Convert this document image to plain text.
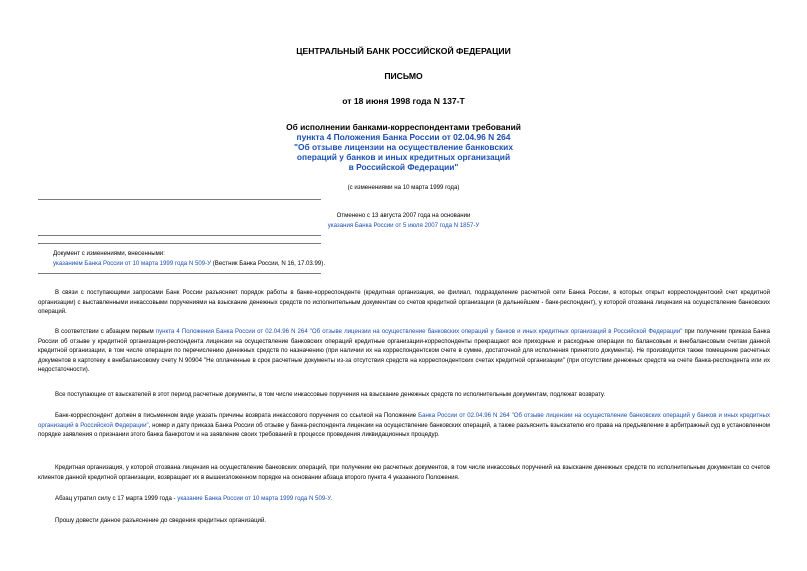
ЦЕНТРАЛЬНЫЙ БАНК РОССИЙСКОЙ ФЕДЕРАЦИИ
ПИСЬМО
от 18 июня 1998 года N 137-Т
Об исполнении банками-корреспондентами требований
пункта 4 Положения Банка России от 02.04.96 N 264
"Об отзыве лицензии на осуществление банковских
операций у банков и иных кредитных организаций
в Российской Федерации"
(с изменениями на 10 марта 1999 года)
Отменено с 13 августа 2007 года на основании
указания Банка России от 5 июля 2007 года N 1857-У
Документ с изменениями, внесенными:
указанием Банка России от 10 марта 1999 года N 509-У (Вестник Банка России, N 16, 17.03.99).
В связи с поступающими запросами Банк России разъясняет порядок работы в банке-корреспонденте (кредитная организация, ее филиал, подразделение расчетной сети Банка России, в которых открыт корреспондентский счет кредитной организации) с выставленными инкассовыми поручениями на взыскание денежных средств по исполнительным документам со счетов кредитной организации (в дальнейшем - банк-респондент), у которой отозвана лицензия на осуществление банковских операций.
В соответствии с абзацем первым пункта 4 Положения Банка России от 02.04.96 N 264 "Об отзыве лицензии на осуществление банковских операций у банков и иных кредитных организаций в Российской Федерации" при получении приказа Банка России об отзыве у кредитной организации-респондента лицензии на осуществление банковских операций кредитные организации-корреспонденты прекращают все приходные и расходные операции по балансовым и внебалансовым счетам данной кредитной организации, в том числе операции по перечислению денежных средств по назначению (при наличии их на корреспондентском счете в сумме, достаточной для исполнения принятого документа). Не производится также помещение расчетных документов в картотеку к внебалансовому счету N 90904 "Не оплаченные в срок расчетные документы из-за отсутствия средств на корреспондентских счетах кредитной организации" (при отсутствии денежных средств на счете банка-респондента или их недостаточности).
Все поступающие от взыскателей в этот период расчетные документы, в том числе инкассовые поручения на взыскание денежных средств по исполнительным документам, подлежат возврату.
Банк-корреспондент должен в письменном виде указать причины возврата инкассового поручения со ссылкой на Положение Банка России от 02.04.96 N 264 "Об отзыве лицензии на осуществление банковских операций у банков и иных кредитных организаций в Российской Федерации", номер и дату приказа Банка России об отзыве у банка-респондента лицензии на осуществление банковских операций, а также разъяснить взыскателю его права на предъявление в арбитражный суд в установленном порядке заявления о признании этого банка банкротом и на заявление своих требований в процессе проведения ликвидационных процедур.
Кредитная организация, у которой отозвана лицензия на осуществление банковских операций, при получении ею расчетных документов, в том числе инкассовых поручений на взыскание денежных средств по исполнительным документам со счетов клиентов данной кредитной организации, возвращает их в вышеизложенном порядке на основании абзаца второго пункта 4 указанного Положения.
Абзац утратил силу с 17 марта 1999 года - указание Банка России от 10 марта 1999 года N 509-У.
Прошу довести данное разъяснение до сведения кредитных организаций.
